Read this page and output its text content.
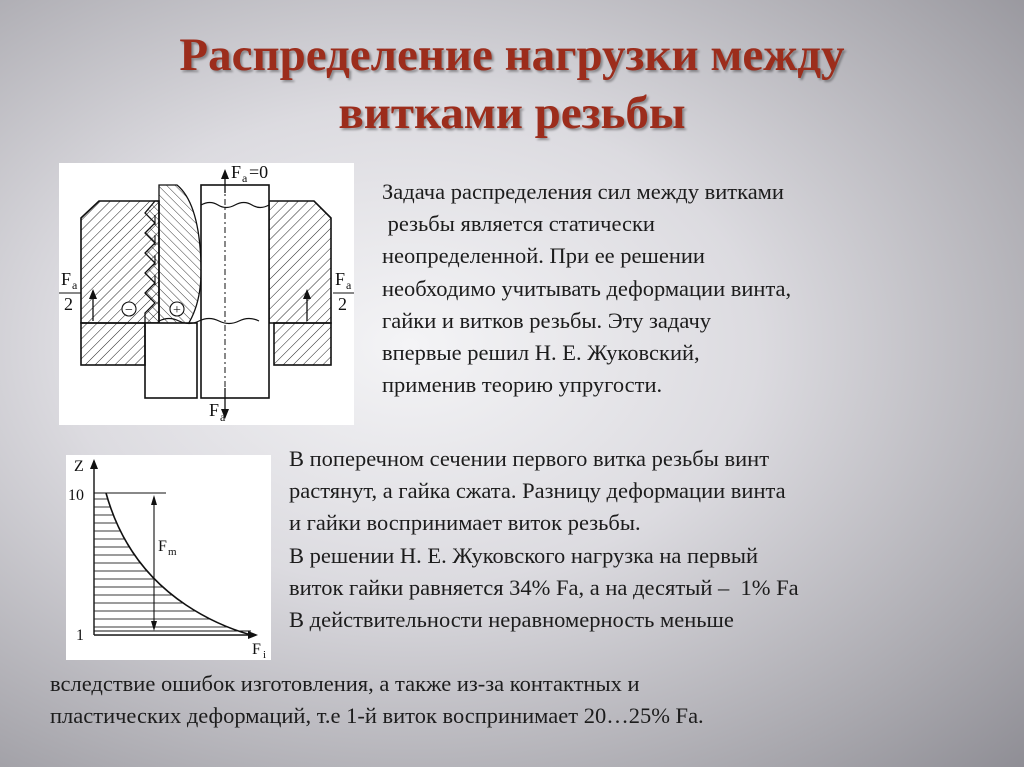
Распределение нагрузки между
витками резьбы
−	+
F a =0
F a
2
F a
2
F a
Z
10
1
F m
F i

Задача распределения сил между витками

резьбы является статически

неопределенной. При ее решении

необходимо учитывать деформации винта,

гайки и витков резьбы. Эту задачу

впервые решил Н. Е. Жуковский,

применив теорию упругости.

В поперечном сечении первого витка резьбы винт

растянут, а гайка сжата. Разницу деформации винта

и гайки воспринимает виток резьбы.

В решении Н. Е. Жуковского нагрузка на первый

виток гайки равняется 34% Fa, а на десятый –  1% Fa

В действительности неравномерность меньше

вследствие ошибок изготовления, а также из-за контактных и

пластических деформаций, т.е 1-й виток воспринимает 20…25% Fa.
